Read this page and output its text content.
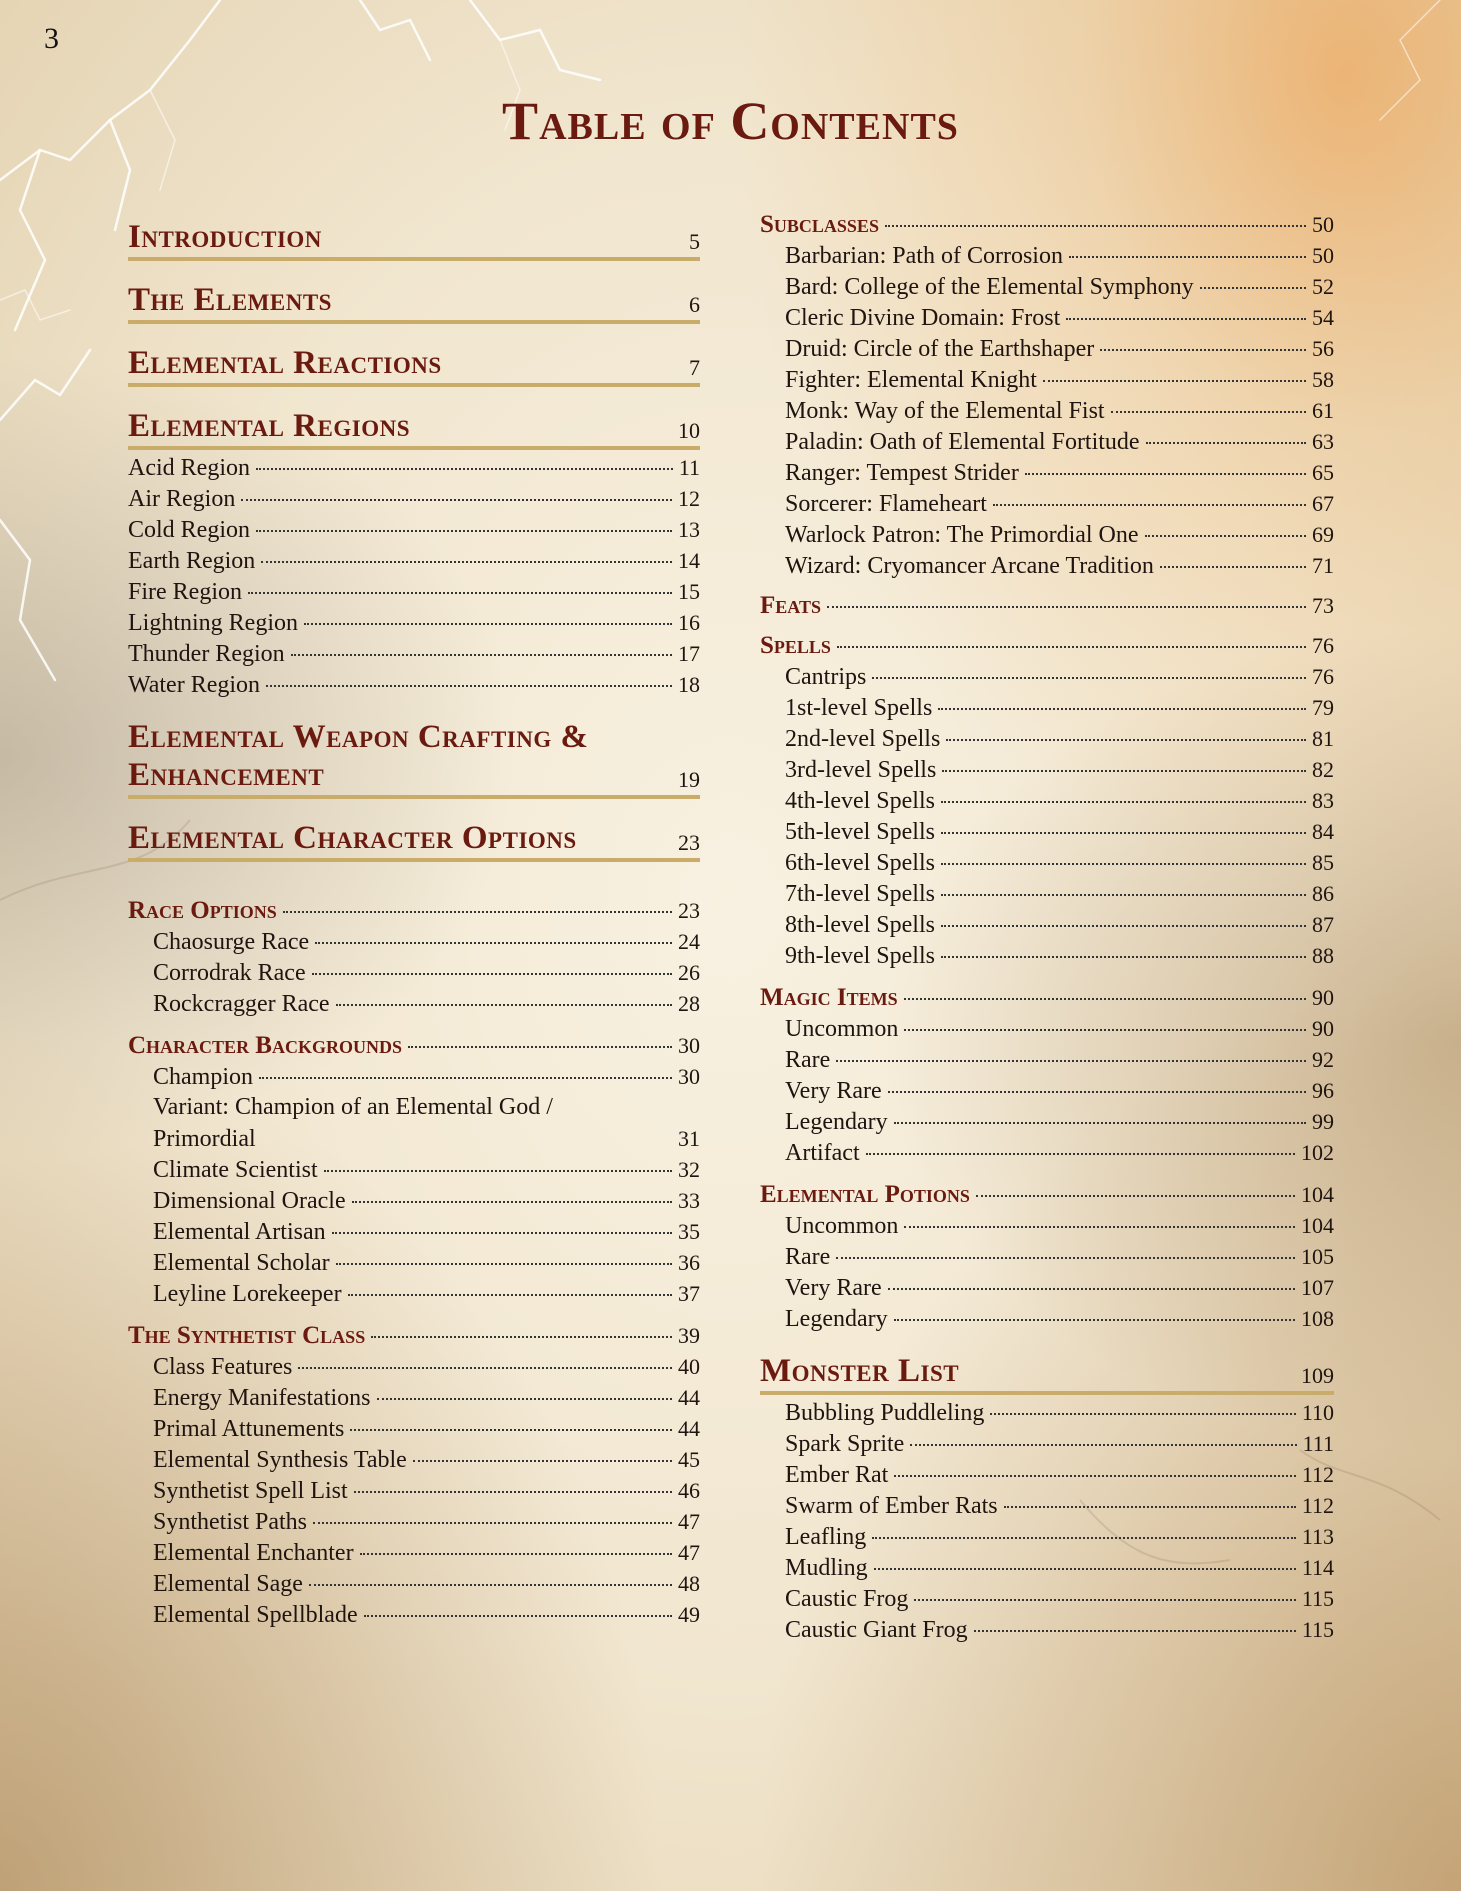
3
Table of Contents
Introduction	5
The Elements	6
Elemental Reactions	7
Elemental Regions	10
Acid Region	11
Air Region	12
Cold Region	13
Earth Region	14
Fire Region	15
Lightning Region	16
Thunder Region	17
Water Region	18
Elemental Weapon Crafting &
Enhancement	19
Elemental Character Options	23
Race Options	23
Chaosurge Race	24
Corrodrak Race	26
Rockcragger Race	28
Character Backgrounds	30
Champion	30
Variant: Champion of an Elemental God /
Primordial	31
Climate Scientist	32
Dimensional Oracle	33
Elemental Artisan	35
Elemental Scholar	36
Leyline Lorekeeper	37
The Synthetist Class	39
Class Features	40
Energy Manifestations	44
Primal Attunements	44
Elemental Synthesis Table	45
Synthetist Spell List	46
Synthetist Paths	47
Elemental Enchanter	47
Elemental Sage	48
Elemental Spellblade	49
Subclasses	50
Barbarian: Path of Corrosion	50
Bard: College of the Elemental Symphony	52
Cleric Divine Domain: Frost	54
Druid: Circle of the Earthshaper	56
Fighter: Elemental Knight	58
Monk: Way of the Elemental Fist	61
Paladin: Oath of Elemental Fortitude	63
Ranger: Tempest Strider	65
Sorcerer: Flameheart	67
Warlock Patron: The Primordial One	69
Wizard: Cryomancer Arcane Tradition	71
Feats	73
Spells	76
Cantrips	76
1st-level Spells	79
2nd-level Spells	81
3rd-level Spells	82
4th-level Spells	83
5th-level Spells	84
6th-level Spells	85
7th-level Spells	86
8th-level Spells	87
9th-level Spells	88
Magic Items	90
Uncommon	90
Rare	92
Very Rare	96
Legendary	99
Artifact	102
Elemental Potions	104
Uncommon	104
Rare	105
Very Rare	107
Legendary	108
Monster List	109
Bubbling Puddleling	110
Spark Sprite	111
Ember Rat	112
Swarm of Ember Rats	112
Leafling	113
Mudling	114
Caustic Frog	115
Caustic Giant Frog	115
